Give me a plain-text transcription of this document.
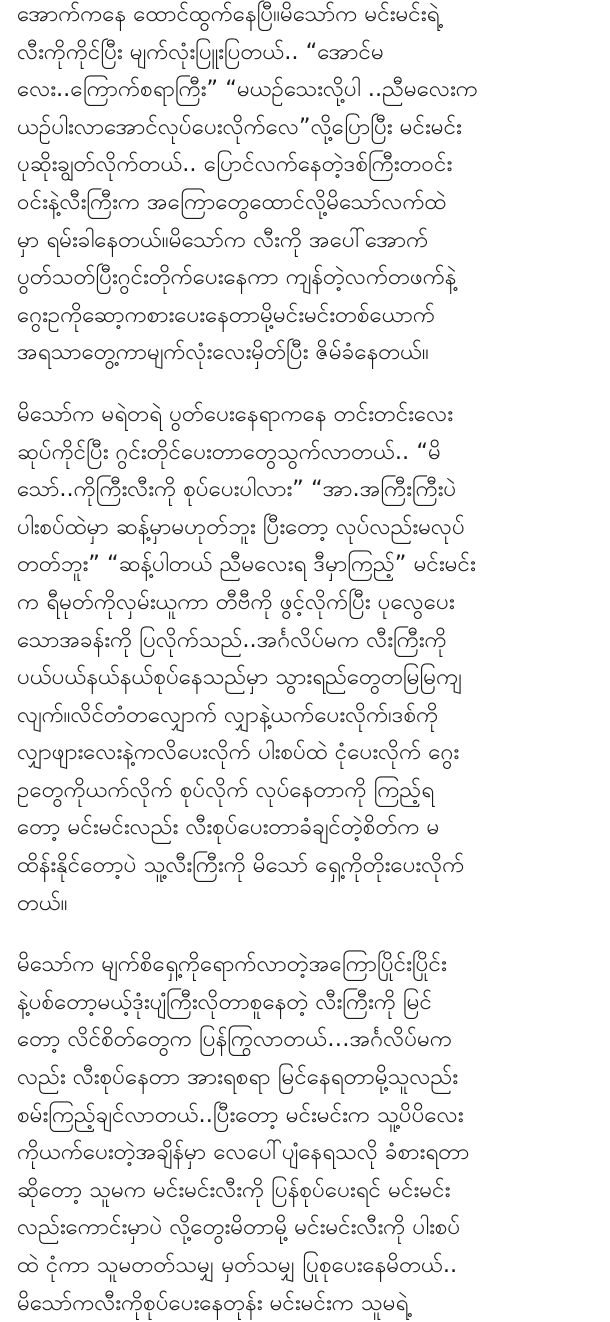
အောက်ကနေ ထောင်ထွက်နေပြီ။မိသော်က မင်းမင်းရဲ့
လီးကိုကိုင်ပြီး မျက်လုံးပြူးပြတယ်.. “အောင်မ
လေး..ကြောက်စရာကြီး” “မယဉ်သေးလို့ပါ ..ညီမလေးက
ယဉ်ပါးလာအောင်လုပ်ပေးလိုက်လေ”လို့ပြောပြီး မင်းမင်း
ပုဆိုးချွတ်လိုက်တယ်.. ပြောင်လက်နေတဲ့ဒစ်ကြီးတဝင်း
ဝင်းနဲ့လီးကြီးက အကြောတွေထောင်လို့မိသော်လက်ထဲ
မှာ ရမ်းခါနေတယ်။မိသော်က လီးကို အပေါ်အောက်
ပွတ်သတ်ပြီးဂွင်းတိုက်ပေးနေကာ ကျန်တဲ့လက်တဖက်နဲ့
ဂွေးဥကိုဆော့ကစားပေးနေတာမို့မင်းမင်းတစ်ယောက်
အရသာတွေ့ကာမျက်လုံးလေးမှိတ်ပြီး ဇိမ်ခံနေတယ်။

မိသော်က မရဲတရဲ ပွတ်ပေးနေရာကနေ တင်းတင်းလေး
ဆုပ်ကိုင်ပြီး ဂွင်းတိုင်ပေးတာတွေသွက်လာတယ်.. “မိ
သော်..ကိုကြီးလီးကို စုပ်ပေးပါလား” “အာ.အကြီးကြီးပဲ
ပါးစပ်ထဲမှာ ဆန့်မှာမဟုတ်ဘူး ပြီးတော့ လုပ်လည်းမလုပ်
တတ်ဘူး” “ဆန့်ပါတယ် ညီမလေးရ ဒီမှာကြည့်” မင်းမင်း
က ရီမုတ်ကိုလှမ်းယူကာ တီဗီကို ဖွင့်လိုက်ပြီး ပုလွေပေး
သောအခန်းကို ပြလိုက်သည်..အင်္ဂလိပ်မက လီးကြီးကို
ပယ်ပယ်နယ်နယ်စုပ်နေသည်မှာ သွားရည်တွေတမြမြကျ
လျက်။လိင်တံတလျှောက် လျှာနဲ့ယက်ပေးလိုက်၊ဒစ်ကို
လျှာဖျားလေးနဲ့ကလိပေးလိုက် ပါးစပ်ထဲ ငုံပေးလိုက် ဂွေး
ဥတွေကိုယက်လိုက် စုပ်လိုက် လုပ်နေတာကို ကြည့်ရ
တော့ မင်းမင်းလည်း လီးစုပ်ပေးတာခံချင်တဲ့စိတ်က မ
ထိန်းနိုင်တော့ပဲ သူ့လီးကြီးကို မိသော် ရှေ့ကိုတိုးပေးလိုက်
တယ်။

မိသော်က မျက်စိရှေ့ကိုရောက်လာတဲ့အကြောပြိုင်းပြိုင်း
နဲ့ပစ်တော့မယ့်ဒုံးပျံကြီးလိုတာစူနေတဲ့ လီးကြီးကို မြင်
တော့ လိင်စိတ်တွေက ပြန်ကြွလာတယ်…အင်္ဂလိပ်မက
လည်း လီးစုပ်နေတာ အားရစရာ မြင်နေရတာမို့သူလည်း
စမ်းကြည့်ချင်လာတယ်..ပြီးတော့ မင်းမင်းက သူ့ပိပိလေး
ကိုယက်ပေးတဲ့အချိန်မှာ လေပေါ်ပျံနေရသလို ခံစားရတာ
ဆိုတော့ သူမက မင်းမင်းလီးကို ပြန်စုပ်ပေးရင် မင်းမင်း
လည်းကောင်းမှာပဲ လို့တွေးမိတာမို့ မင်းမင်းလီးကို ပါးစပ်
ထဲ ငုံကာ သူမတတ်သမျှ မှတ်သမျှ ပြုစုပေးနေမိတယ်..
မိသော်ကလီးကိုစုပ်ပေးနေတုန်း မင်းမင်းက သူမရဲ့
